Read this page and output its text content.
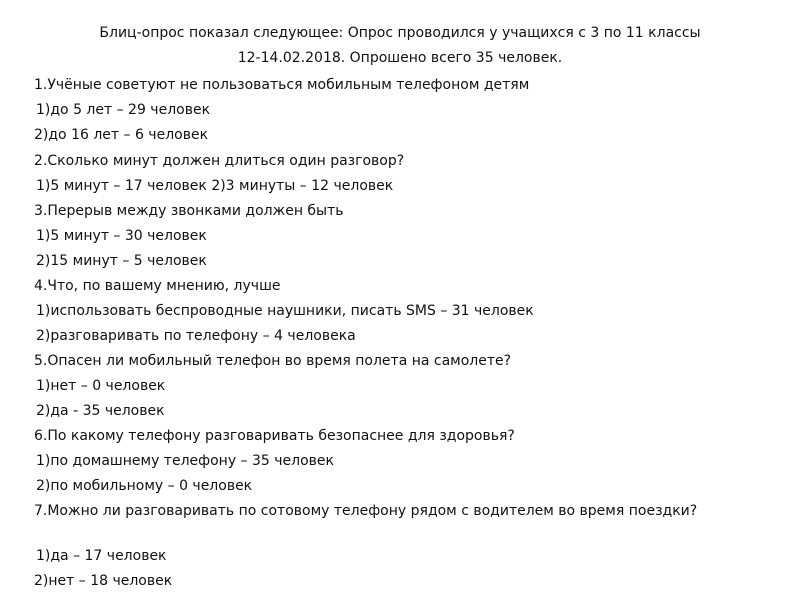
Блиц-опрос показал следующее: Опрос проводился у учащихся с 3 по 11 классы
12-14.02.2018. Опрошено всего 35 человек.
1.Учёные советуют не пользоваться мобильным телефоном детям
1)до 5 лет – 29 человек
2)до 16 лет – 6 человек
2.Сколько минут должен длиться один разговор?
1)5 минут – 17 человек 2)3 минуты – 12 человек
3.Перерыв между звонками должен быть
1)5 минут – 30 человек
2)15 минут – 5 человек
4.Что, по вашему мнению, лучше
1)использовать беспроводные наушники, писать SMS – 31 человек
2)разговаривать по телефону – 4 человека
5.Опасен ли мобильный телефон во время полета на самолете?
1)нет – 0 человек
2)да - 35 человек
6.По какому телефону разговаривать безопаснее для здоровья?
1)по домашнему телефону – 35 человек
2)по мобильному – 0 человек
7.Можно ли разговаривать по сотовому телефону рядом с водителем во время поездки?
1)да – 17 человек
2)нет – 18 человек
